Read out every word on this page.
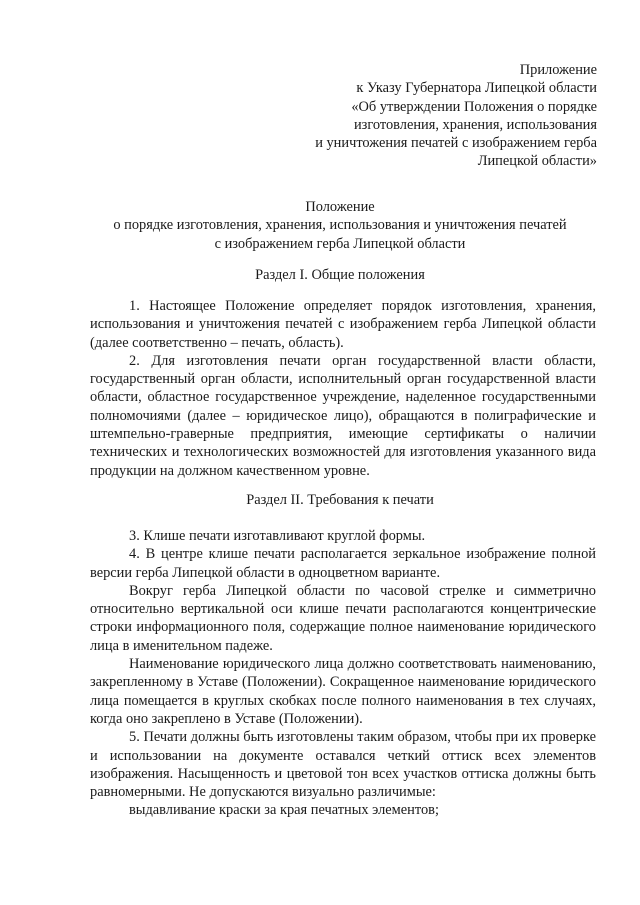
Приложение
к Указу Губернатора Липецкой области
«Об утверждении Положения о порядке
изготовления, хранения, использования
и уничтожения печатей с изображением герба
Липецкой области»
Положение
о порядке изготовления, хранения, использования и уничтожения печатей
с изображением герба Липецкой области
Раздел I. Общие положения

1. Настоящее Положение определяет порядок изготовления, хранения, использования и уничтожения печатей с изображением герба Липецкой области (далее соответственно – печать, область).

2. Для изготовления печати орган государственной власти области, государственный орган области, исполнительный орган государственной власти области, областное государственное учреждение, наделенное государственными полномочиями (далее – юридическое лицо), обращаются в полиграфические и штемпельно-граверные предприятия, имеющие сертификаты о наличии технических и технологических возможностей для изготовления указанного вида продукции на должном качественном уровне.

Раздел II. Требования к печати

3. Клише печати изготавливают круглой формы.

4. В центре клише печати располагается зеркальное изображение полной версии герба Липецкой области в одноцветном варианте.

Вокруг герба Липецкой области по часовой стрелке и симметрично относительно вертикальной оси клише печати располагаются концентрические строки информационного поля, содержащие полное наименование юридического лица в именительном падеже.

Наименование юридического лица должно соответствовать наименованию, закрепленному в Уставе (Положении). Сокращенное наименование юридического лица помещается в круглых скобках после полного наименования в тех случаях, когда оно закреплено в Уставе (Положении).

5. Печати должны быть изготовлены таким образом, чтобы при их проверке и использовании на документе оставался четкий оттиск всех элементов изображения. Насыщенность и цветовой тон всех участков оттиска должны быть равномерными. Не допускаются визуально различимые:

выдавливание краски за края печатных элементов;
